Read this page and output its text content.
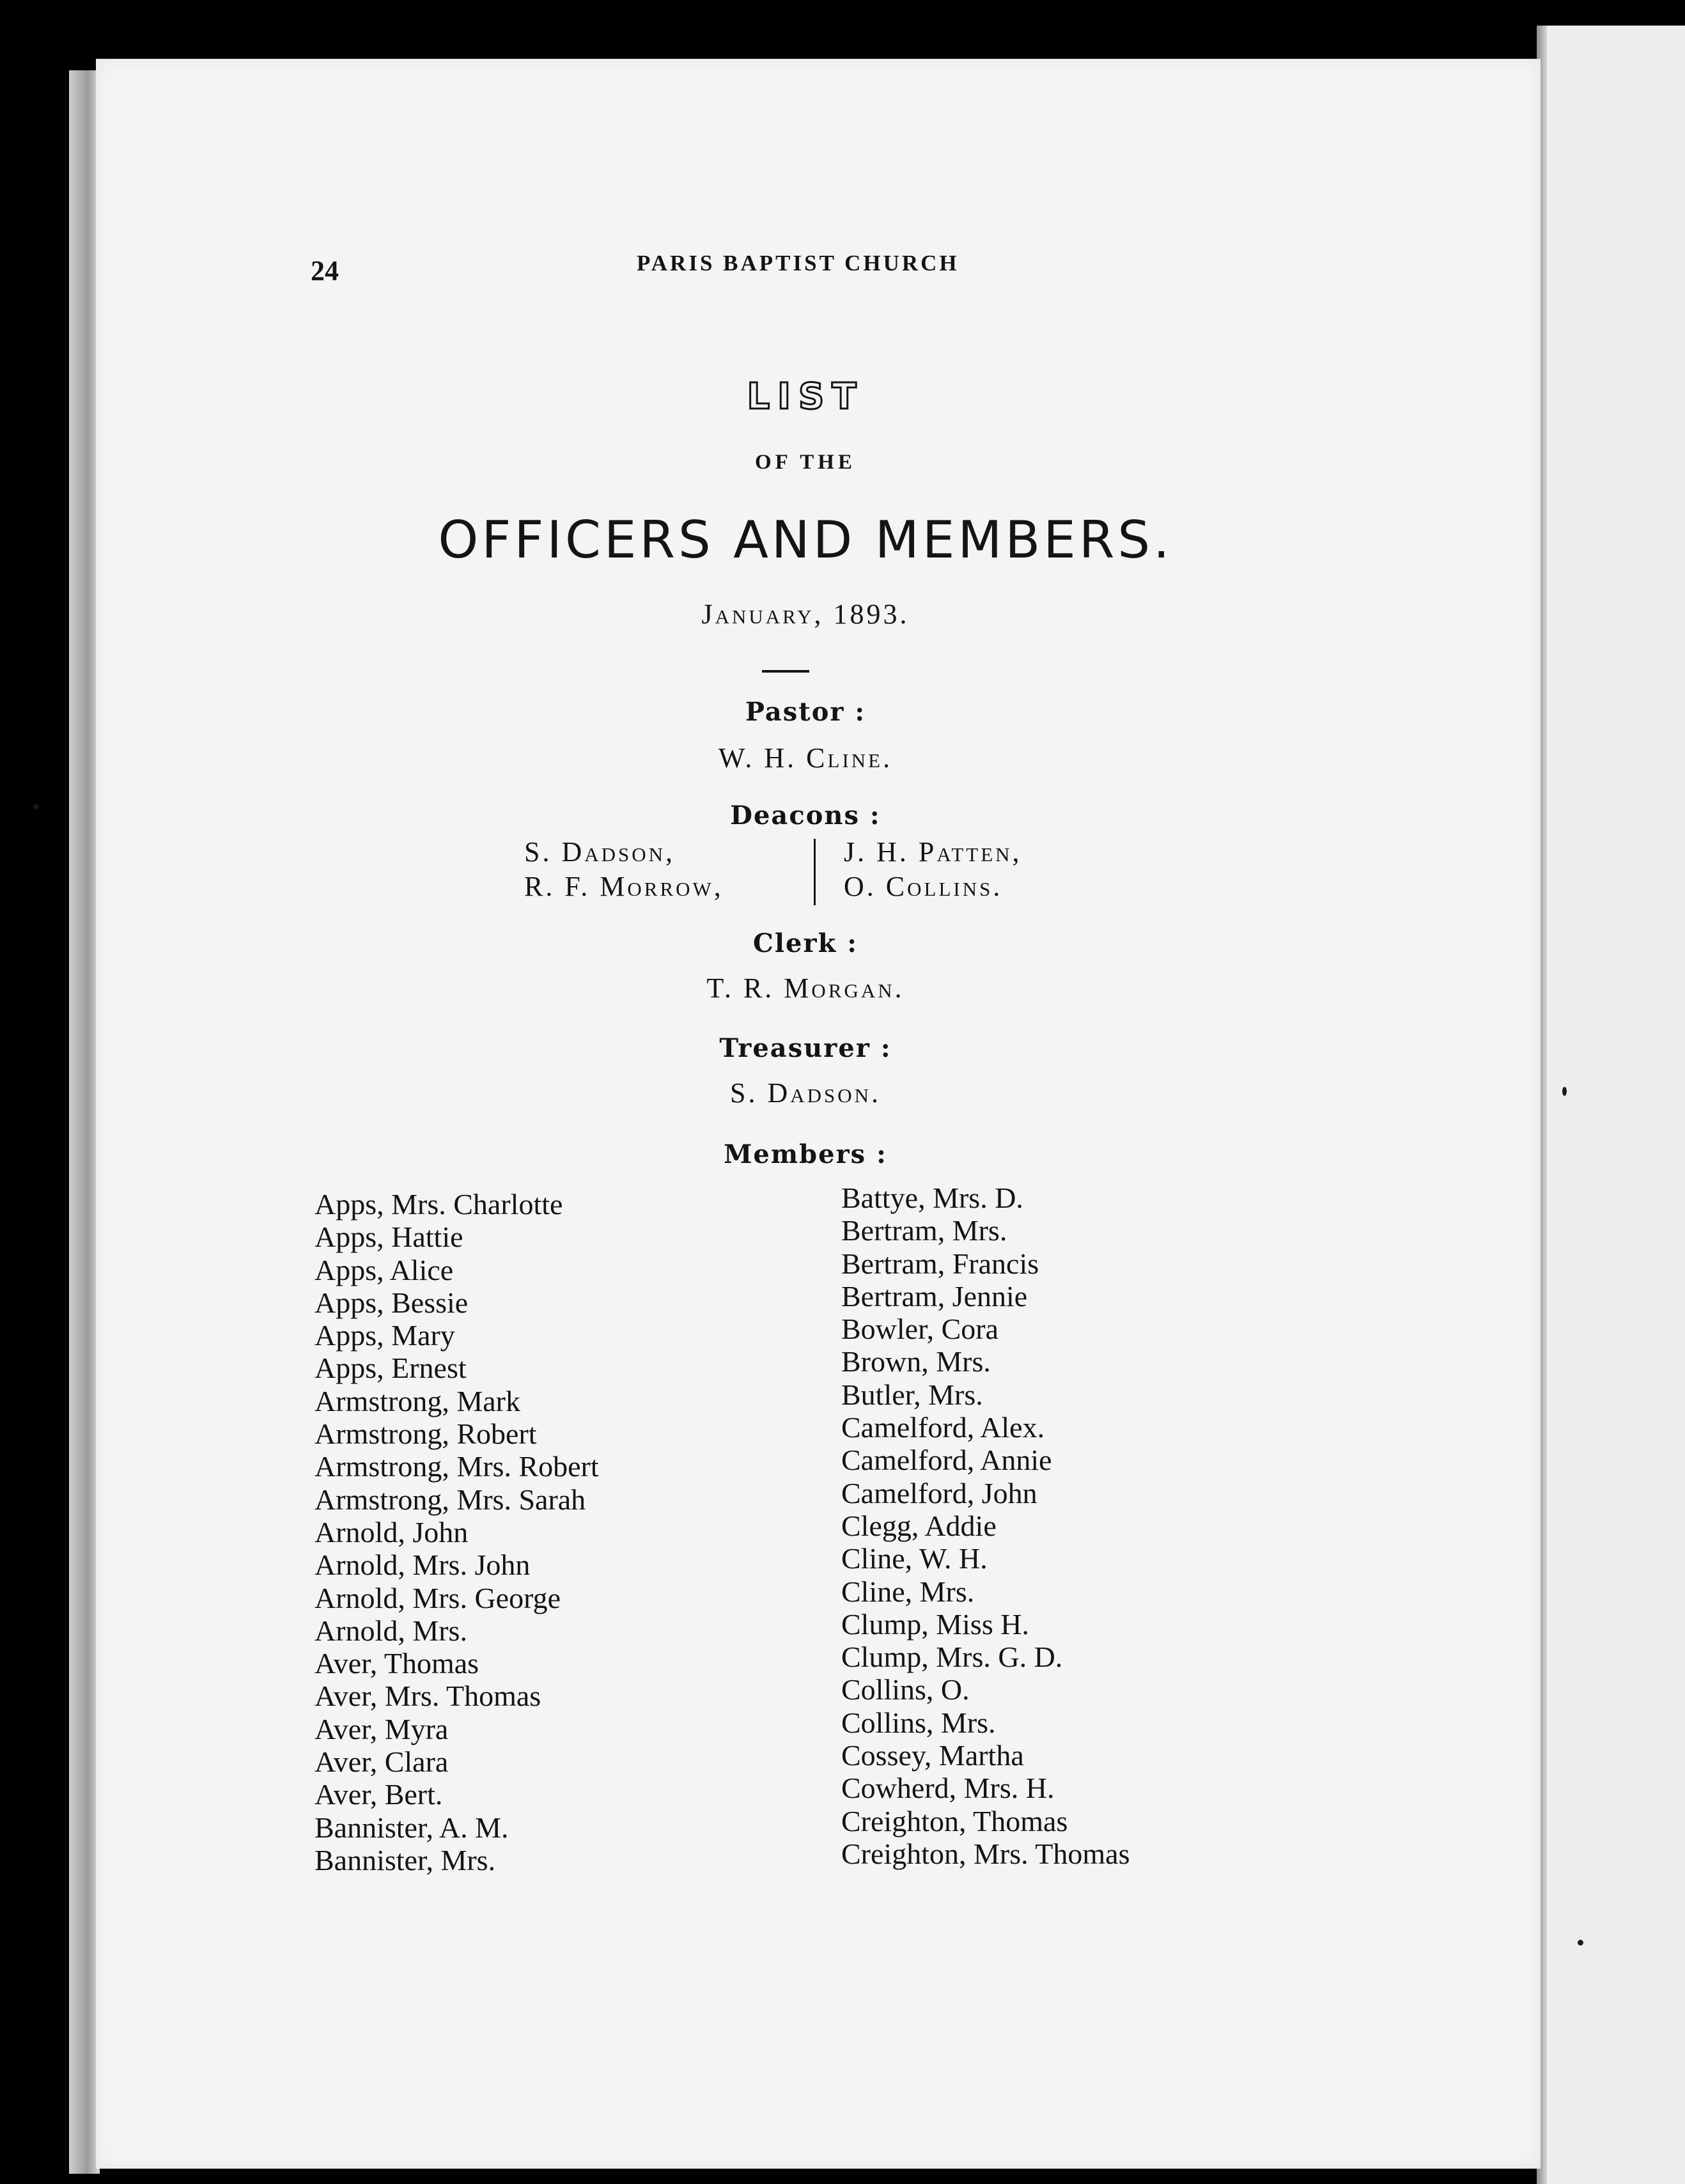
24	PARIS BAPTIST CHURCH
LIST
OF THE
OFFICERS AND MEMBERS.
January, 1893.
Pastor :
W. H. Cline.
Deacons :
S. Dadson,
R. F. Morrow,
J. H. Patten,
O. Collins.
Clerk :
T. R. Morgan.
Treasurer :
S. Dadson.
Members :
Apps, Mrs. Charlotte
Apps, Hattie
Apps, Alice
Apps, Bessie
Apps, Mary
Apps, Ernest
Armstrong, Mark
Armstrong, Robert
Armstrong, Mrs. Robert
Armstrong, Mrs. Sarah
Arnold, John
Arnold, Mrs. John
Arnold, Mrs. George
Arnold, Mrs.
Aver, Thomas
Aver, Mrs. Thomas
Aver, Myra
Aver, Clara
Aver, Bert.
Bannister, A. M.
Bannister, Mrs.
Battye, Mrs. D.
Bertram, Mrs.
Bertram, Francis
Bertram, Jennie
Bowler, Cora
Brown, Mrs.
Butler, Mrs.
Camelford, Alex.
Camelford, Annie
Camelford, John
Clegg, Addie
Cline, W. H.
Cline, Mrs.
Clump, Miss H.
Clump, Mrs. G. D.
Collins, O.
Collins, Mrs.
Cossey, Martha
Cowherd, Mrs. H.
Creighton, Thomas
Creighton, Mrs. Thomas
